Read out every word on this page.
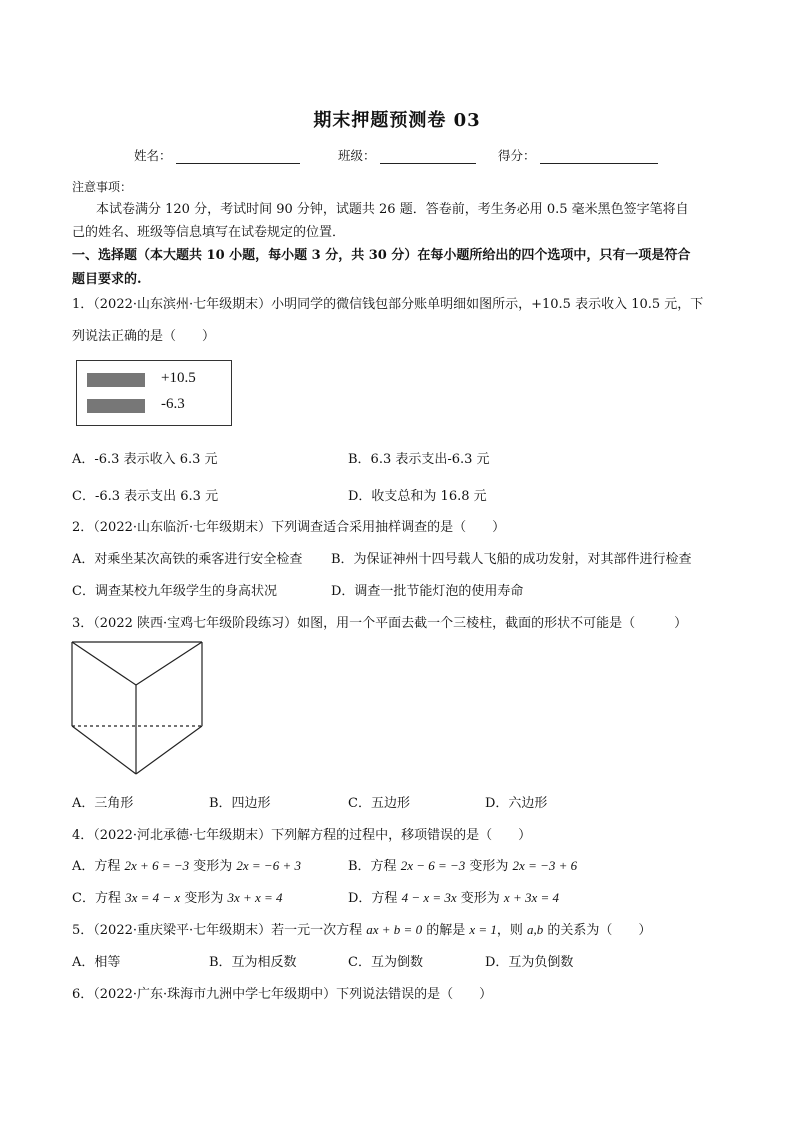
期末押题预测卷 03
姓名：	班级：	得分：
注意事项：
本试卷满分 120 分，考试时间 90 分钟，试题共 26 题．答卷前，考生务必用 0.5 毫米黑色签字笔将自
己的姓名、班级等信息填写在试卷规定的位置．
一、选择题（本大题共 10 小题，每小题 3 分，共 30 分）在每小题所给出的四个选项中，只有一项是符合
题目要求的.
1．（2022·山东滨州·七年级期末）小明同学的微信钱包部分账单明细如图所示，+10.5 表示收入 10.5 元，下
列说法正确的是（　　）
+10.5
-6.3
A．-6.3 表示收入 6.3 元	B．6.3 表示支出-6.3 元
C．-6.3 表示支出 6.3 元	D．收支总和为 16.8 元
2．（2022·山东临沂·七年级期末）下列调查适合采用抽样调查的是（　　）
A．对乘坐某次高铁的乘客进行安全检查 B．为保证神州十四号载人飞船的成功发射，对其部件进行检查
C．调查某校九年级学生的身高状况	D．调查一批节能灯泡的使用寿命
3．（2022 陕西·宝鸡七年级阶段练习）如图，用一个平面去截一个三棱柱，截面的形状不可能是（　　　）
A．三角形	B．四边形	C．五边形	D．六边形
4．（2022·河北承德·七年级期末）下列解方程的过程中，移项错误的是（　　）
A．方程 2x + 6 = −3 变形为 2x = −6 + 3	B．方程 2x − 6 = −3 变形为 2x = −3 + 6
C．方程 3x = 4 − x 变形为 3x + x = 4	D．方程 4 − x = 3x 变形为 x + 3x = 4
5．（2022·重庆梁平·七年级期末）若一元一次方程 ax + b = 0 的解是 x = 1，则 a,b 的关系为（　　）
A．相等	B．互为相反数	C．互为倒数	D．互为负倒数
6．（2022·广东·珠海市九洲中学七年级期中）下列说法错误的是（　　）
